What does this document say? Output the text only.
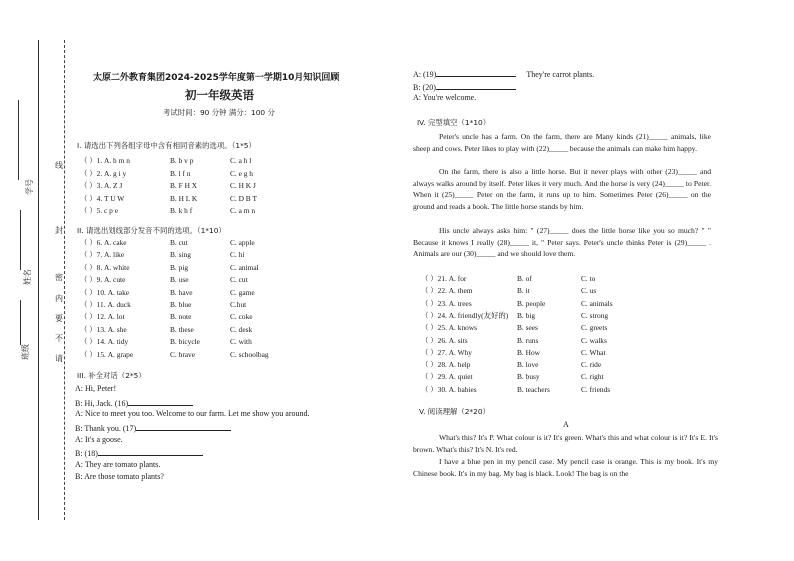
学号
姓名
班级
线
封
密
内
要
不
请
太原二外教育集团2024-2025学年度第一学期10月知识回顾
初一年级英语
考试时间：90 分钟 满分：100 分
I. 请选出下列各组字母中含有相同音素的选项。（1*5）
（ ）1. A. h m n	B. b v p	C. a h l
（ ）2. A. g i y	B. l f n	C. e g h
（ ）3. A. Z J	B. F H X	C. H K J
（ ）4. T U W	B. H L K	C. D B T
（ ）5. c p e	B. k h f	C. a m n
II. 请选出划线部分发音不同的选项。（1*10）
（ ）6. A. cake	B. cut	C. apple
（ ）7. A. like	B. sing	C. hi
（ ）8. A. white	B. pig	C. animal
（ ）9. A. cute	B. use	C. cut
（ ）10. A. take	B. have	C. game
（ ）11. A. duck	B. blue	C.hut
（ ）12. A. lot	B. note	C. coke
（ ）13. A. she	B. these	C. desk
（ ）14. A. tidy	B. bicycle	C. with
（ ）15. A. grape	C. brave	C. schoolbag
III. 补全对话（2*5）
A: Hi, Peter!
B: Hi, Jack. (16)
A: Nice to meet you too. Welcome to our farm. Let me show you around.
B: Thank you. (17)
A: It's a goose.
B: (18)
A: They are tomato plants.
B: Are those tomato plants?
A: (19)	They're carrot plants.
B: (20)
A: You're welcome.
IV. 完型填空（1*10）
Peter's uncle has a farm. On the farm, there are Many kinds (21)_____ animals, like sheep and cows. Peter likes to play with (22)_____ because the animals can make him happy.
On the farm, there is also a little horse. But it never plays with other (23)_____ and always walks around by itself. Peter likes it very much. And the horse is very (24)_____ to Peter. When it (25)_____ Peter on the farm, it runs up to him. Sometimes Peter (26)_____ on the ground and reads a book. The little horse stands by him.
His uncle always asks him: " (27)_____ does the little horse like you so much? " " Because it knows I really (28)_____ it, " Peter says. Peter's uncle thinks Peter is (29)_____ . Animals are our (30)_____ and we should love them.
（ ）21. A. for	B. of	C. to
（ ）22. A. them	B. it	C. us
（ ）23. A. trees	B. people	C. animals
（ ）24. A. friendly(友好的) B. big	C. strong
（ ）25. A. knows	B. sees	C. greets
（ ）26. A. sits	B. runs	C. walks
（ ）27. A. Why	B. How	C. What
（ ）28. A. help	B. love	C. ride
（ ）29. A. quiet	B. busy	C. right
（ ）30. A. babies	B. teachers	C. friends
V. 阅读理解（2*20）
A
What's this? It's P. What colour is it? It's green. What's this and what colour is it? It's E. It's brown. What's this? It's N. It's red.
I have a blue pen in my pencil case. My pencil case is orange. This is my book. It's my Chinese book. It's in my bag. My bag is black. Look! The bag is on the
